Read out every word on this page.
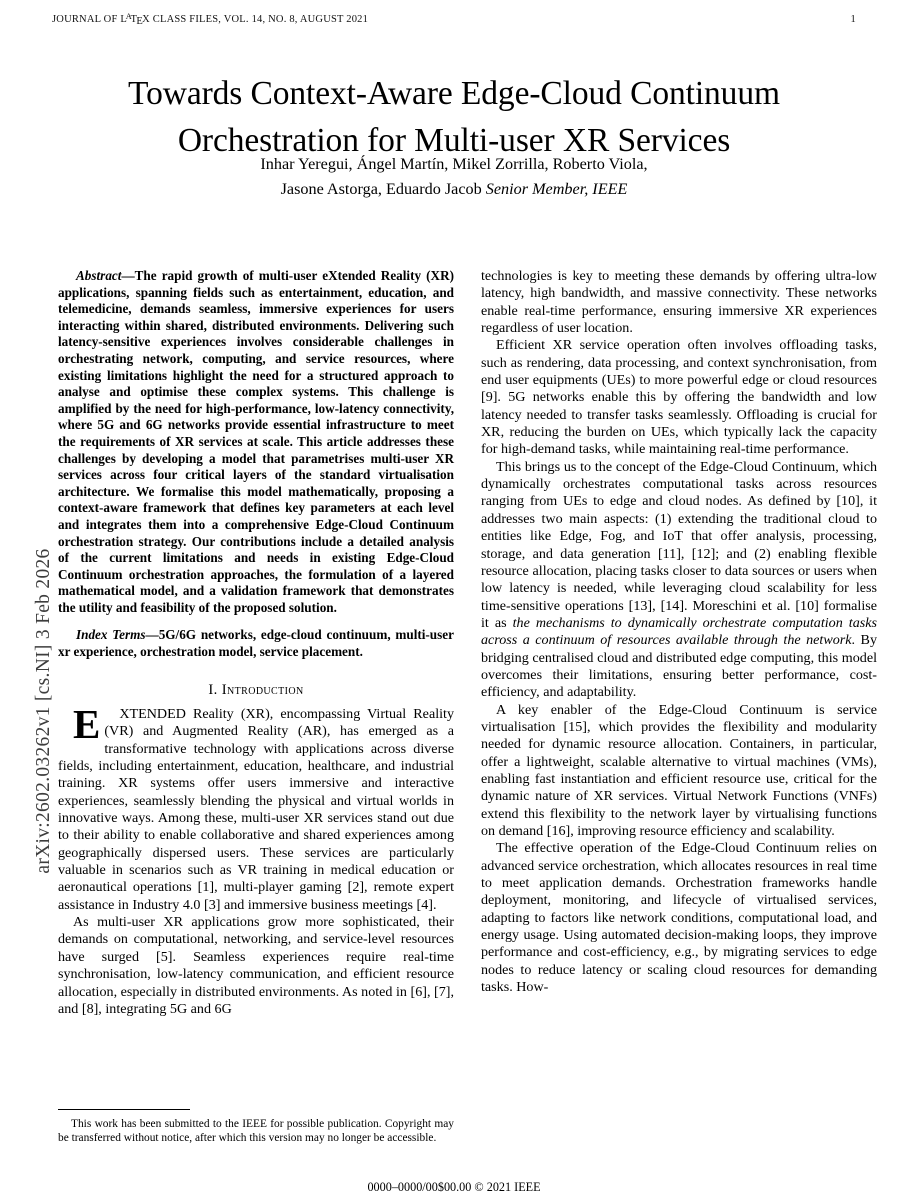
JOURNAL OF $L^ATEX$ CLASS FILES, VOL. 14, NO. 8, AUGUST 2021	1
arXiv:2602.03262v1 [cs.NI] 3 Feb 2026
Towards Context-Aware Edge-Cloud Continuum Orchestration for Multi-user XR Services
Inhar Yeregui, Ángel Martín, Mikel Zorrilla, Roberto Viola,
Jasone Astorga, Eduardo Jacob Senior Member, IEEE

Abstract—The rapid growth of multi-user eXtended Reality (XR) applications, spanning fields such as entertainment, education, and telemedicine, demands seamless, immersive experiences for users interacting within shared, distributed environments. Delivering such latency-sensitive experiences involves considerable challenges in orchestrating network, computing, and service resources, where existing limitations highlight the need for a structured approach to analyse and optimise these complex systems. This challenge is amplified by the need for high-performance, low-latency connectivity, where 5G and 6G networks provide essential infrastructure to meet the requirements of XR services at scale. This article addresses these challenges by developing a model that parametrises multi-user XR services across four critical layers of the standard virtualisation architecture. We formalise this model mathematically, proposing a context-aware framework that defines key parameters at each level and integrates them into a comprehensive Edge-Cloud Continuum orchestration strategy. Our contributions include a detailed analysis of the current limitations and needs in existing Edge-Cloud Continuum orchestration approaches, the formulation of a layered mathematical model, and a validation framework that demonstrates the utility and feasibility of the proposed solution.

Index Terms—5G/6G networks, edge-cloud continuum, multi-user xr experience, orchestration model, service placement.

I. Introduction

E XTENDED Reality (XR), encompassing Virtual Reality (VR) and Augmented Reality (AR), has emerged as a transformative technology with applications across diverse fields, including entertainment, education, healthcare, and industrial training. XR systems offer users immersive and interactive experiences, seamlessly blending the physical and virtual worlds in innovative ways. Among these, multi-user XR services stand out due to their ability to enable collaborative and shared experiences among geographically dispersed users. These services are particularly valuable in scenarios such as VR training in medical education or aeronautical operations [1], multi-player gaming [2], remote expert assistance in Industry 4.0 [3] and immersive business meetings [4].

As multi-user XR applications grow more sophisticated, their demands on computational, networking, and service-level resources have surged [5]. Seamless experiences require real-time synchronisation, low-latency communication, and efficient resource allocation, especially in distributed environments. As noted in [6], [7], and [8], integrating 5G and 6G

technologies is key to meeting these demands by offering ultra-low latency, high bandwidth, and massive connectivity. These networks enable real-time performance, ensuring immersive XR experiences regardless of user location.

Efficient XR service operation often involves offloading tasks, such as rendering, data processing, and context synchronisation, from end user equipments (UEs) to more powerful edge or cloud resources [9]. 5G networks enable this by offering the bandwidth and low latency needed to transfer tasks seamlessly. Offloading is crucial for XR, reducing the burden on UEs, which typically lack the capacity for high-demand tasks, while maintaining real-time performance.

This brings us to the concept of the Edge-Cloud Continuum, which dynamically orchestrates computational tasks across resources ranging from UEs to edge and cloud nodes. As defined by [10], it addresses two main aspects: (1) extending the traditional cloud to entities like Edge, Fog, and IoT that offer analysis, processing, storage, and data generation [11], [12]; and (2) enabling flexible resource allocation, placing tasks closer to data sources or users when low latency is needed, while leveraging cloud scalability for less time-sensitive operations [13], [14]. Moreschini et al. [10] formalise it as the mechanisms to dynamically orchestrate computation tasks across a continuum of resources available through the network. By bridging centralised cloud and distributed edge computing, this model overcomes their limitations, ensuring better performance, cost-efficiency, and adaptability.

A key enabler of the Edge-Cloud Continuum is service virtualisation [15], which provides the flexibility and modularity needed for dynamic resource allocation. Containers, in particular, offer a lightweight, scalable alternative to virtual machines (VMs), enabling fast instantiation and efficient resource use, critical for the dynamic nature of XR services. Virtual Network Functions (VNFs) extend this flexibility to the network layer by virtualising functions on demand [16], improving resource efficiency and scalability.

The effective operation of the Edge-Cloud Continuum relies on advanced service orchestration, which allocates resources in real time to meet application demands. Orchestration frameworks handle deployment, monitoring, and lifecycle of virtualised services, adapting to factors like network conditions, computational load, and energy usage. Using automated decision-making loops, they improve performance and cost-efficiency, e.g., by migrating services to edge nodes to reduce latency or scaling cloud resources for demanding tasks. How-

This work has been submitted to the IEEE for possible publication. Copyright may be transferred without notice, after which this version may no longer be accessible.

0000–0000/00$00.00 © 2021 IEEE
